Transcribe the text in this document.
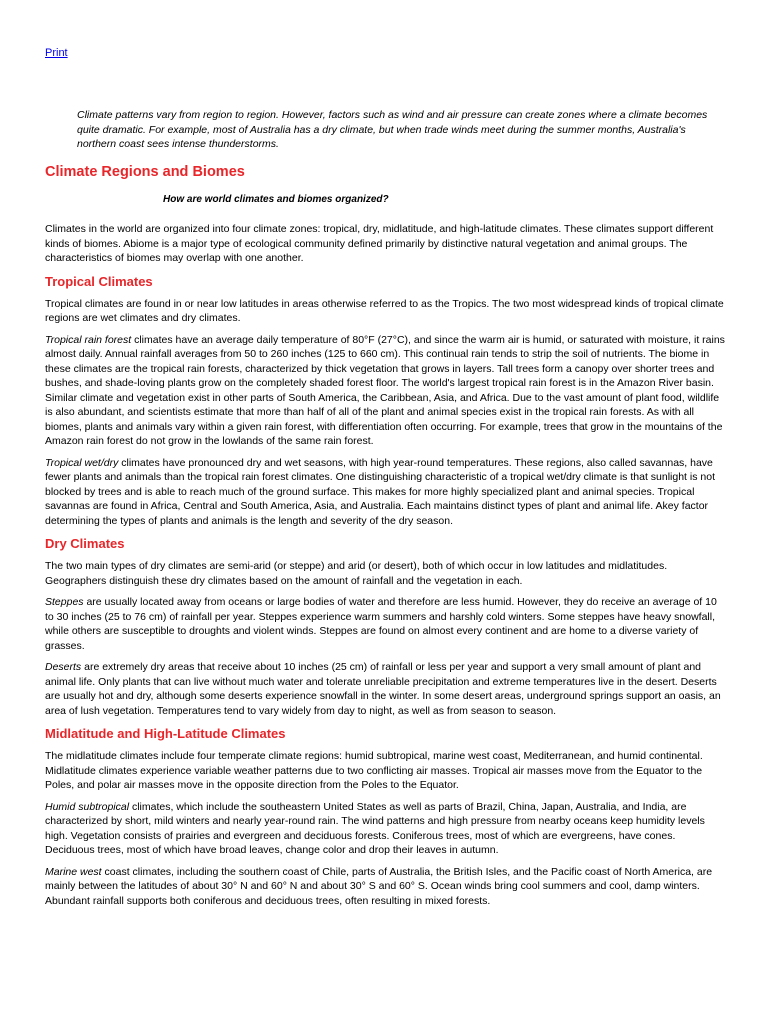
Print

Climate patterns vary from region to region. However, factors such as wind and air pressure can create zones where a climate becomes quite dramatic. For example, most of Australia has a dry climate, but when trade winds meet during the summer months, Australia's northern coast sees intense thunderstorms.

Climate Regions and Biomes
How are world climates and biomes organized?

Climates in the world are organized into four climate zones: tropical, dry, midlatitude, and high-latitude climates. These climates support different kinds of biomes. Abiome is a major type of ecological community defined primarily by distinctive natural vegetation and animal groups. The characteristics of biomes may overlap with one another.

Tropical Climates

Tropical climates are found in or near low latitudes in areas otherwise referred to as the Tropics. The two most widespread kinds of tropical climate regions are wet climates and dry climates.

Tropical rain forest climates have an average daily temperature of 80°F (27°C), and since the warm air is humid, or saturated with moisture, it rains almost daily. Annual rainfall averages from 50 to 260 inches (125 to 660 cm). This continual rain tends to strip the soil of nutrients. The biome in these climates are the tropical rain forests, characterized by thick vegetation that grows in layers. Tall trees form a canopy over shorter trees and bushes, and shade-loving plants grow on the completely shaded forest floor. The world's largest tropical rain forest is in the Amazon River basin. Similar climate and vegetation exist in other parts of South America, the Caribbean, Asia, and Africa. Due to the vast amount of plant food, wildlife is also abundant, and scientists estimate that more than half of all of the plant and animal species exist in the tropical rain forests. As with all biomes, plants and animals vary within a given rain forest, with differentiation often occurring. For example, trees that grow in the mountains of the Amazon rain forest do not grow in the lowlands of the same rain forest.

Tropical wet/dry climates have pronounced dry and wet seasons, with high year-round temperatures. These regions, also called savannas, have fewer plants and animals than the tropical rain forest climates. One distinguishing characteristic of a tropical wet/dry climate is that sunlight is not blocked by trees and is able to reach much of the ground surface. This makes for more highly specialized plant and animal species. Tropical savannas are found in Africa, Central and South America, Asia, and Australia. Each maintains distinct types of plant and animal life. Akey factor determining the types of plants and animals is the length and severity of the dry season.

Dry Climates

The two main types of dry climates are semi-arid (or steppe) and arid (or desert), both of which occur in low latitudes and midlatitudes. Geographers distinguish these dry climates based on the amount of rainfall and the vegetation in each.

Steppes are usually located away from oceans or large bodies of water and therefore are less humid. However, they do receive an average of 10 to 30 inches (25 to 76 cm) of rainfall per year. Steppes experience warm summers and harshly cold winters. Some steppes have heavy snowfall, while others are susceptible to droughts and violent winds. Steppes are found on almost every continent and are home to a diverse variety of grasses.

Deserts are extremely dry areas that receive about 10 inches (25 cm) of rainfall or less per year and support a very small amount of plant and animal life. Only plants that can live without much water and tolerate unreliable precipitation and extreme temperatures live in the desert. Deserts are usually hot and dry, although some deserts experience snowfall in the winter. In some desert areas, underground springs support an oasis, an area of lush vegetation. Temperatures tend to vary widely from day to night, as well as from season to season.

Midlatitude and High-Latitude Climates

The midlatitude climates include four temperate climate regions: humid subtropical, marine west coast, Mediterranean, and humid continental. Midlatitude climates experience variable weather patterns due to two conflicting air masses. Tropical air masses move from the Equator to the Poles, and polar air masses move in the opposite direction from the Poles to the Equator.

Humid subtropical climates, which include the southeastern United States as well as parts of Brazil, China, Japan, Australia, and India, are characterized by short, mild winters and nearly year-round rain. The wind patterns and high pressure from nearby oceans keep humidity levels high. Vegetation consists of prairies and evergreen and deciduous forests. Coniferous trees, most of which are evergreens, have cones. Deciduous trees, most of which have broad leaves, change color and drop their leaves in autumn.

Marine west coast climates, including the southern coast of Chile, parts of Australia, the British Isles, and the Pacific coast of North America, are mainly between the latitudes of about 30° N and 60° N and about 30° S and 60° S. Ocean winds bring cool summers and cool, damp winters. Abundant rainfall supports both coniferous and deciduous trees, often resulting in mixed forests.
